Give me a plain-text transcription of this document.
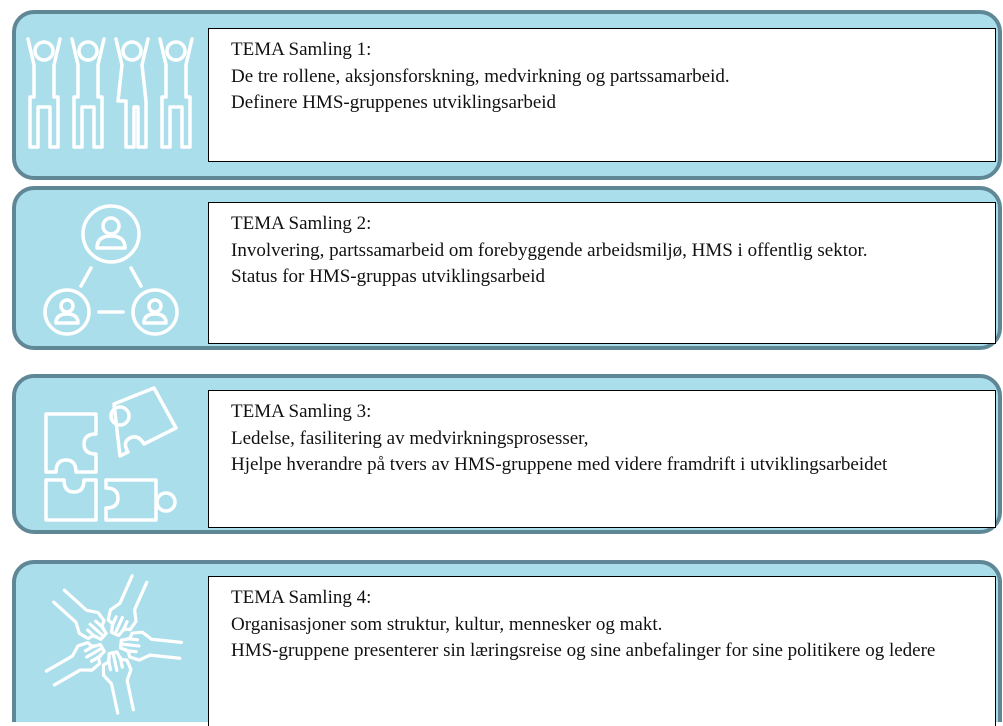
TEMA Samling 1:

De tre rollene, aksjonsforskning, medvirkning og partssamarbeid.

Definere HMS-gruppenes utviklingsarbeid

TEMA Samling 2:

Involvering, partssamarbeid om forebyggende arbeidsmiljø, HMS i offentlig sektor.

Status for HMS-gruppas utviklingsarbeid

TEMA Samling 3:

Ledelse, fasilitering av medvirkningsprosesser,

Hjelpe hverandre på tvers av HMS-gruppene med videre framdrift i utviklingsarbeidet

TEMA Samling 4:

Organisasjoner som struktur, kultur, mennesker og makt.

HMS-gruppene presenterer sin læringsreise og sine anbefalinger for sine politikere og ledere
